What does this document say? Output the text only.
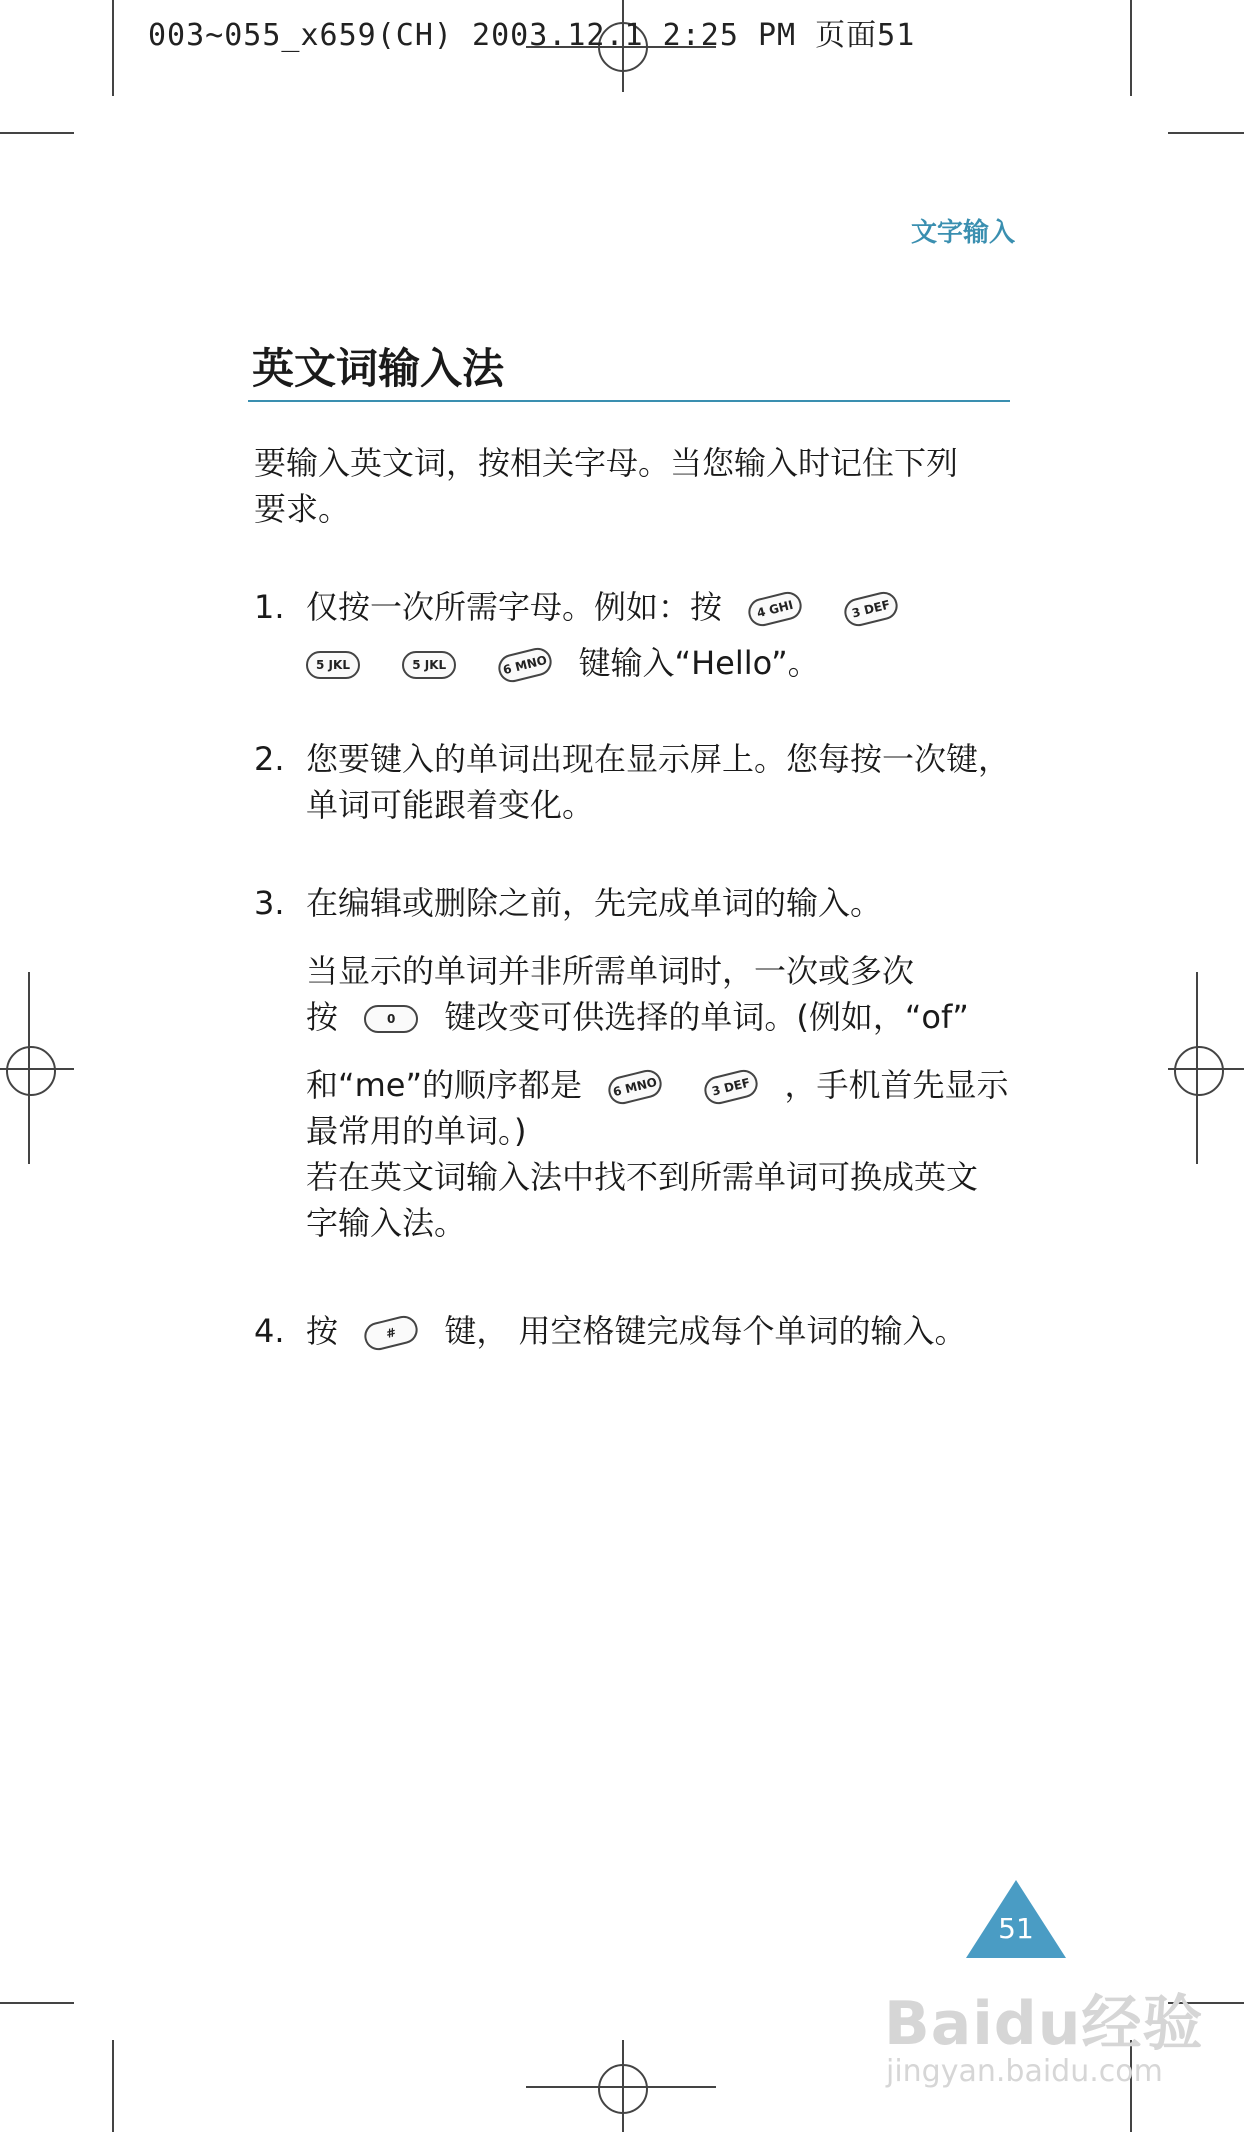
003~055_x659(CH) 2003.12.1 2:25 PM 页面51
文字输入
英文词输入法
要输入英文词，按相关字母。当您输入时记住下列
要求。
1. 仅按一次所需字母。例如：按	4 GHI	3 DEF
5 JKL	5 JKL	6 MNO 键输入“Hello”。
2. 您要键入的单词出现在显示屏上。您每按一次键，
单词可能跟着变化。
3. 在编辑或删除之前，先完成单词的输入。
当显示的单词并非所需单词时，一次或多次
按	0 键改变可供选择的单词。(例如，“of”
和“me”的顺序都是 6 MNO	3 DEF ，手机首先显示
最常用的单词。)
若在英文词输入法中找不到所需单词可换成英文
字输入法。
4. 按	# 键， 用空格键完成每个单词的输入。
51
Baidu经验
jingyan.baidu.com
